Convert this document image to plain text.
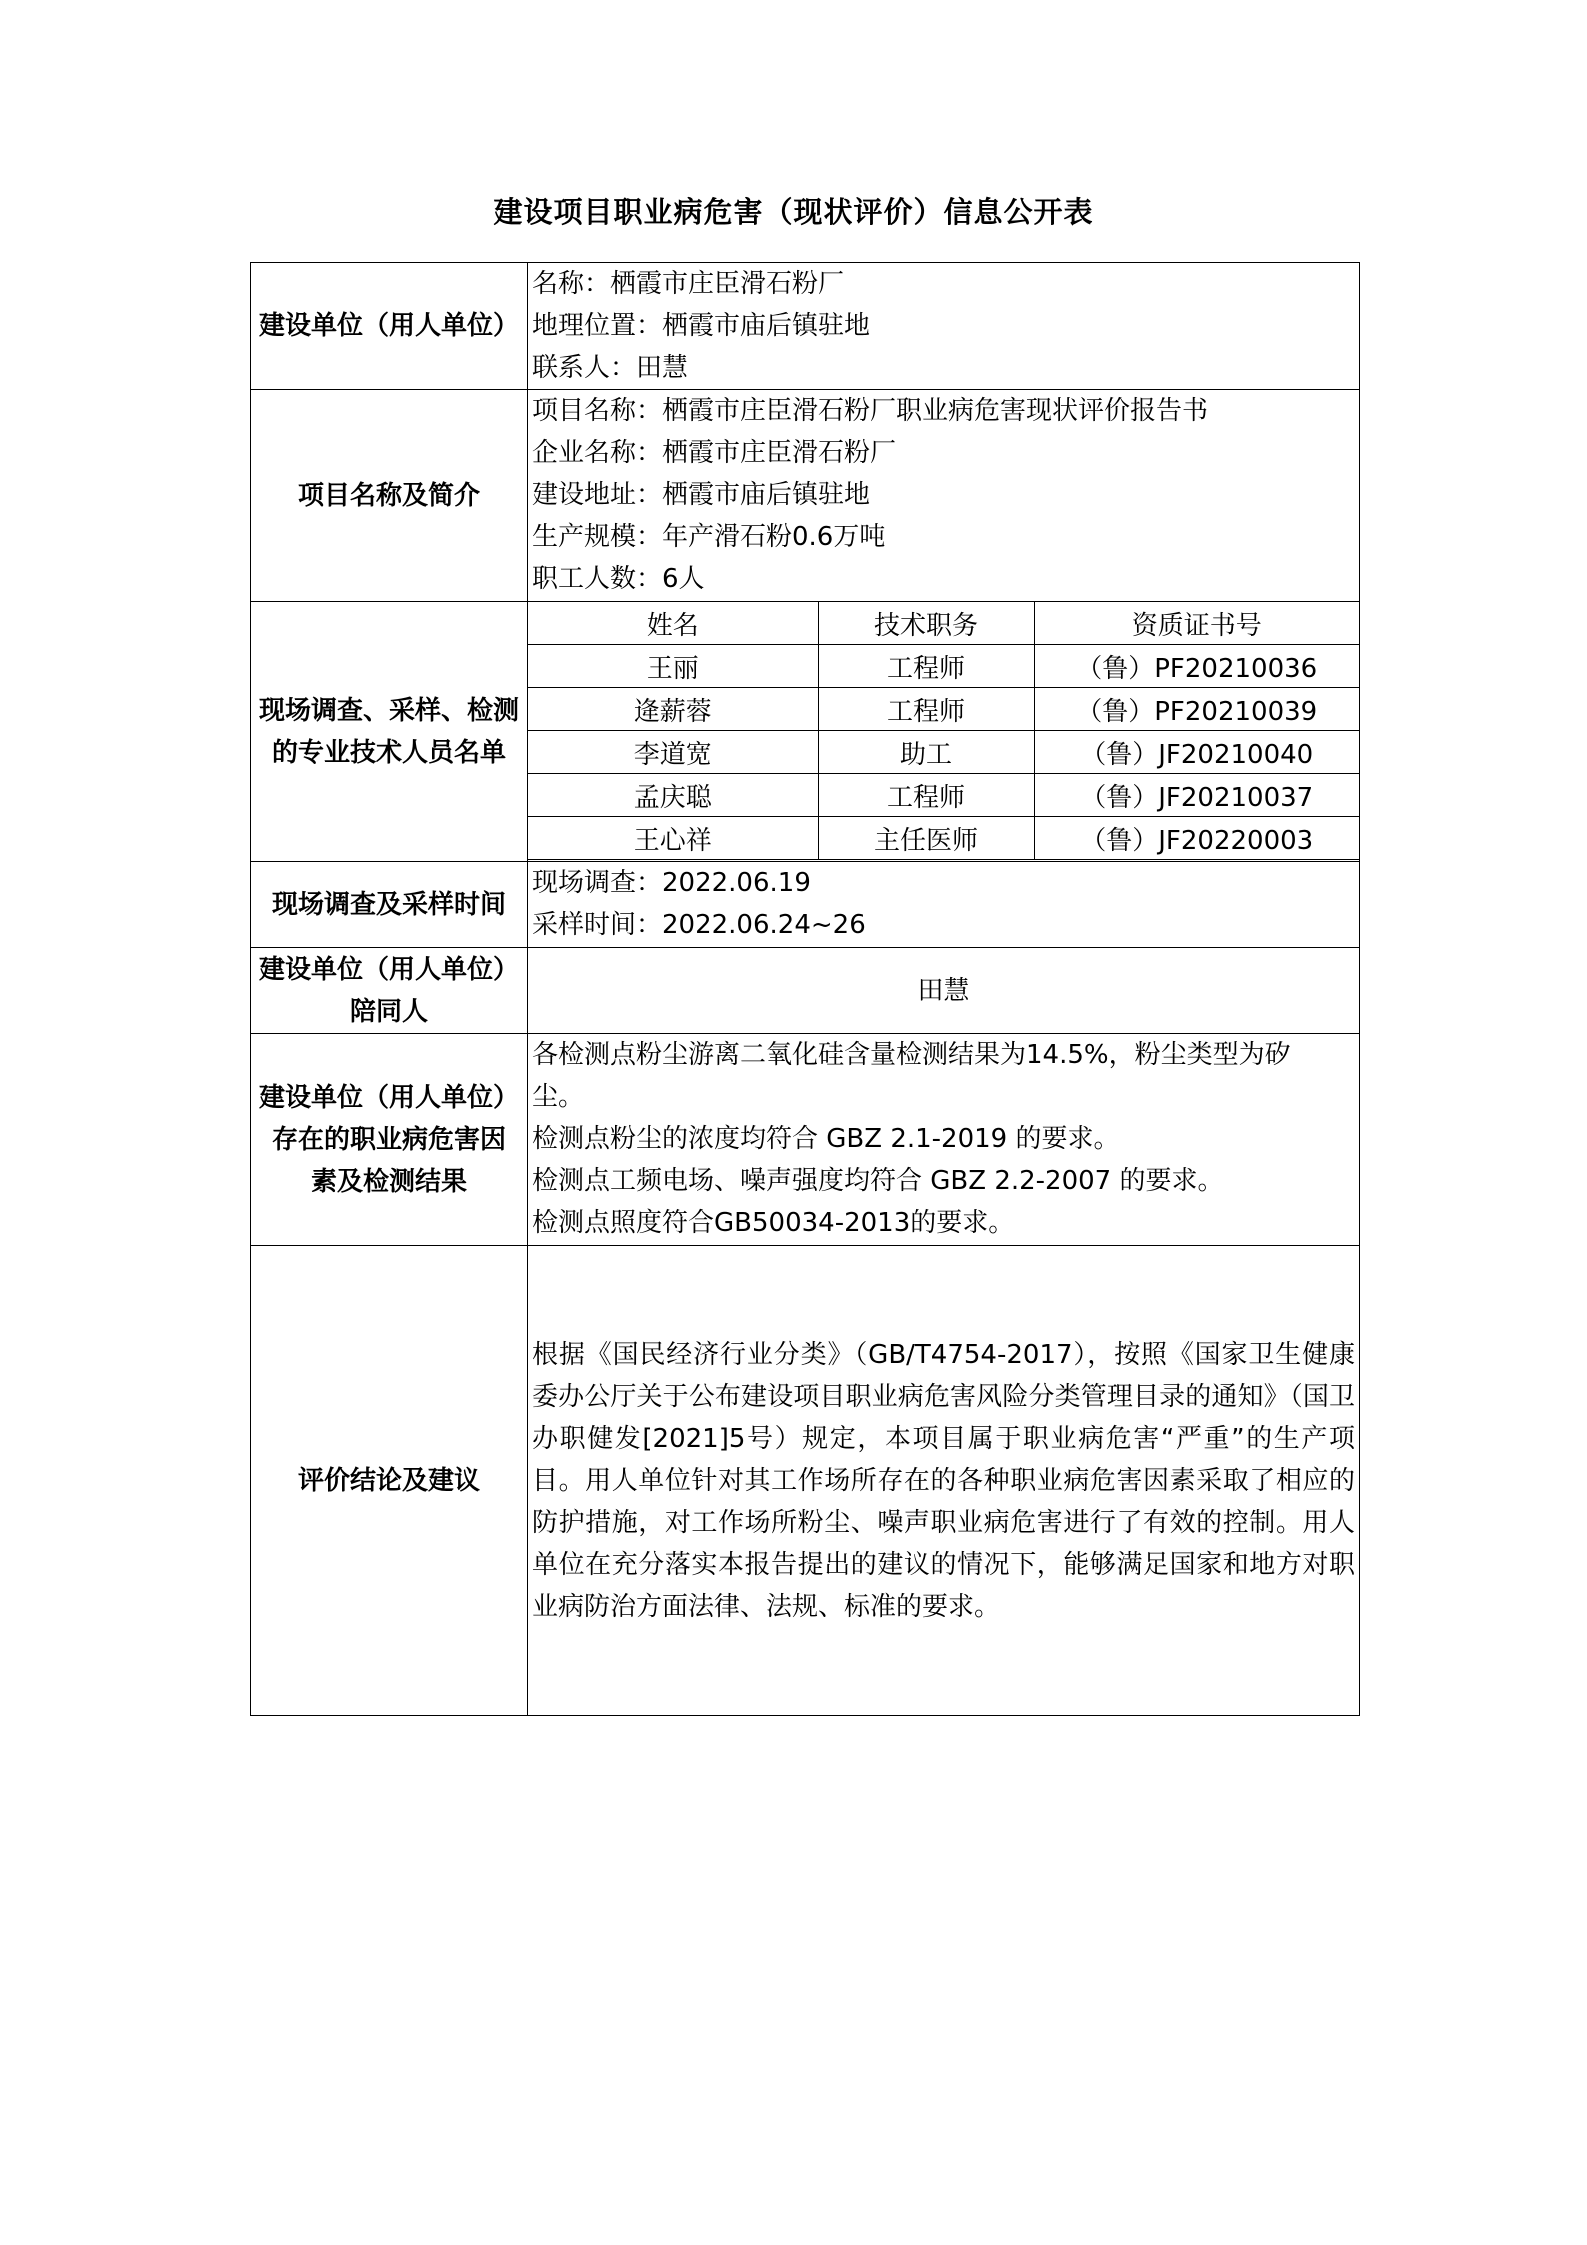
建设项目职业病危害（现状评价）信息公开表
建设单位（用人单位）	
名称：栖霞市庄臣滑石粉厂
地理位置：栖霞市庙后镇驻地
联系人：田慧

项目名称及简介	
项目名称：栖霞市庄臣滑石粉厂职业病危害现状评价报告书
企业名称：栖霞市庄臣滑石粉厂
建设地址：栖霞市庙后镇驻地
生产规模：年产滑石粉0.6万吨
职工人数：6人

现场调查、采样、检测
的专业技术人员名单

姓名	技术职务	资质证书号
王丽	工程师	（鲁）PF20210036
逄薪蓉	工程师	（鲁）PF20210039
李道宽	助工	（鲁）JF20210040
孟庆聪	工程师	（鲁）JF20210037
王心祥	主任医师	（鲁）JF20220003

现场调查及采样时间	
现场调查：2022.06.19
采样时间：2022.06.24~26

建设单位（用人单位）
陪同人
	田慧

建设单位（用人单位）
存在的职业病危害因
素及检测结果

各检测点粉尘游离二氧化硅含量检测结果为14.5%，粉尘类型为矽
尘。
检测点粉尘的浓度均符合 GBZ 2.1-2019 的要求。
检测点工频电场、噪声强度均符合 GBZ 2.2-2007 的要求。
检测点照度符合GB50034-2013的要求。

评价结论及建议	
根据《国民经济行业分类》（GB/T4754-2017），按照《国家卫生健康委办公厅关于公布建设项目职业病危害风险分类管理目录的通知》（国卫办职健发[2021]5号）规定，本项目属于职业病危害“严重”的生产项目。用人单位针对其工作场所存在的各种职业病危害因素采取了相应的防护措施，对工作场所粉尘、噪声职业病危害进行了有效的控制。用人单位在充分落实本报告提出的建议的情况下，能够满足国家和地方对职业病防治方面法律、法规、标准的要求。
